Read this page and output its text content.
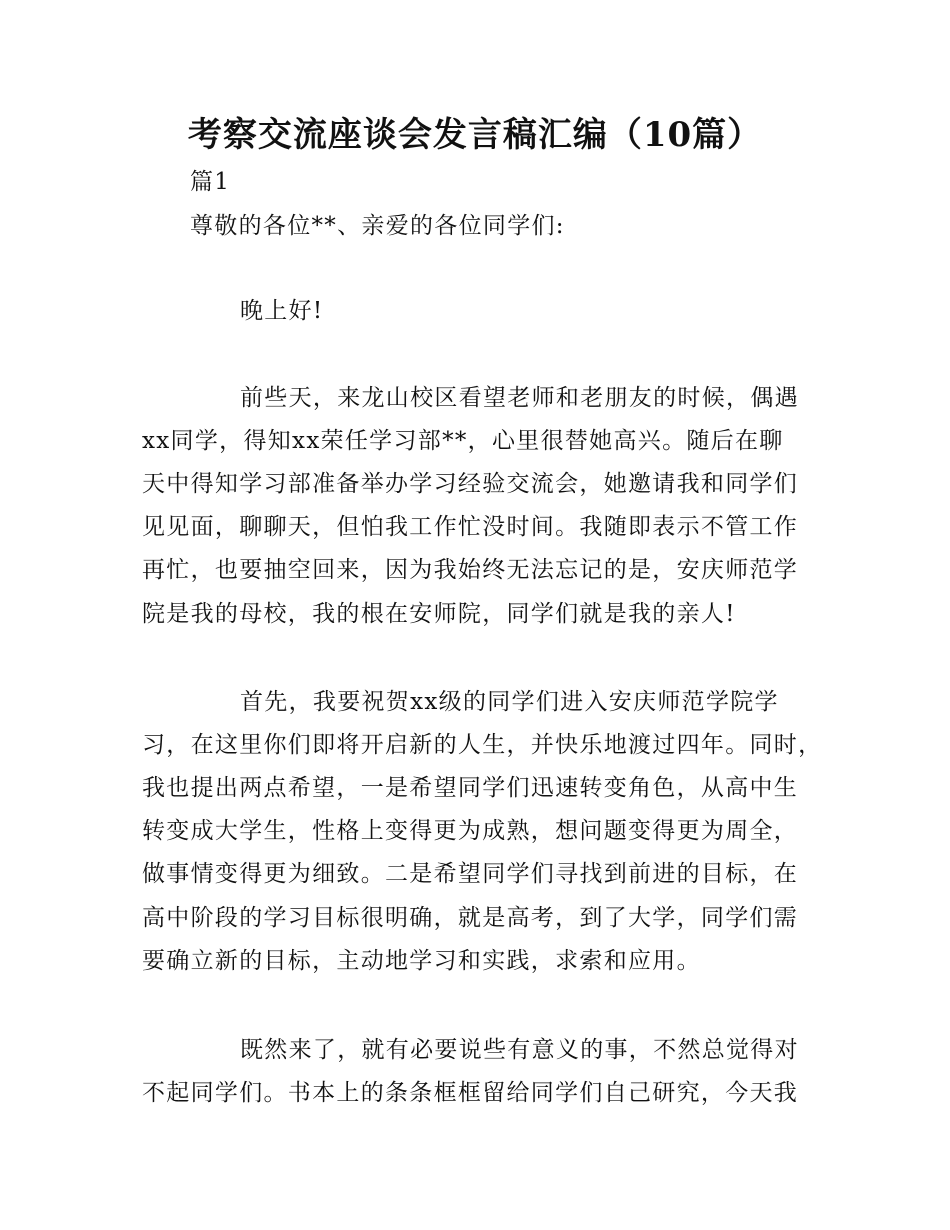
考察交流座谈会发言稿汇编（10篇）
篇1
尊敬的各位**、亲爱的各位同学们:
晚上好!
前些天，来龙山校区看望老师和老朋友的时候，偶遇
xx同学，得知xx荣任学习部**，心里很替她高兴。随后在聊
天中得知学习部准备举办学习经验交流会，她邀请我和同学们
见见面，聊聊天，但怕我工作忙没时间。我随即表示不管工作
再忙，也要抽空回来，因为我始终无法忘记的是，安庆师范学
院是我的母校，我的根在安师院，同学们就是我的亲人!
首先，我要祝贺xx级的同学们进入安庆师范学院学
习，在这里你们即将开启新的人生，并快乐地渡过四年。同时，
我也提出两点希望，一是希望同学们迅速转变角色，从高中生
转变成大学生，性格上变得更为成熟，想问题变得更为周全，
做事情变得更为细致。二是希望同学们寻找到前进的目标，在
高中阶段的学习目标很明确，就是高考，到了大学，同学们需
要确立新的目标，主动地学习和实践，求索和应用。
既然来了，就有必要说些有意义的事，不然总觉得对
不起同学们。书本上的条条框框留给同学们自己研究，今天我
